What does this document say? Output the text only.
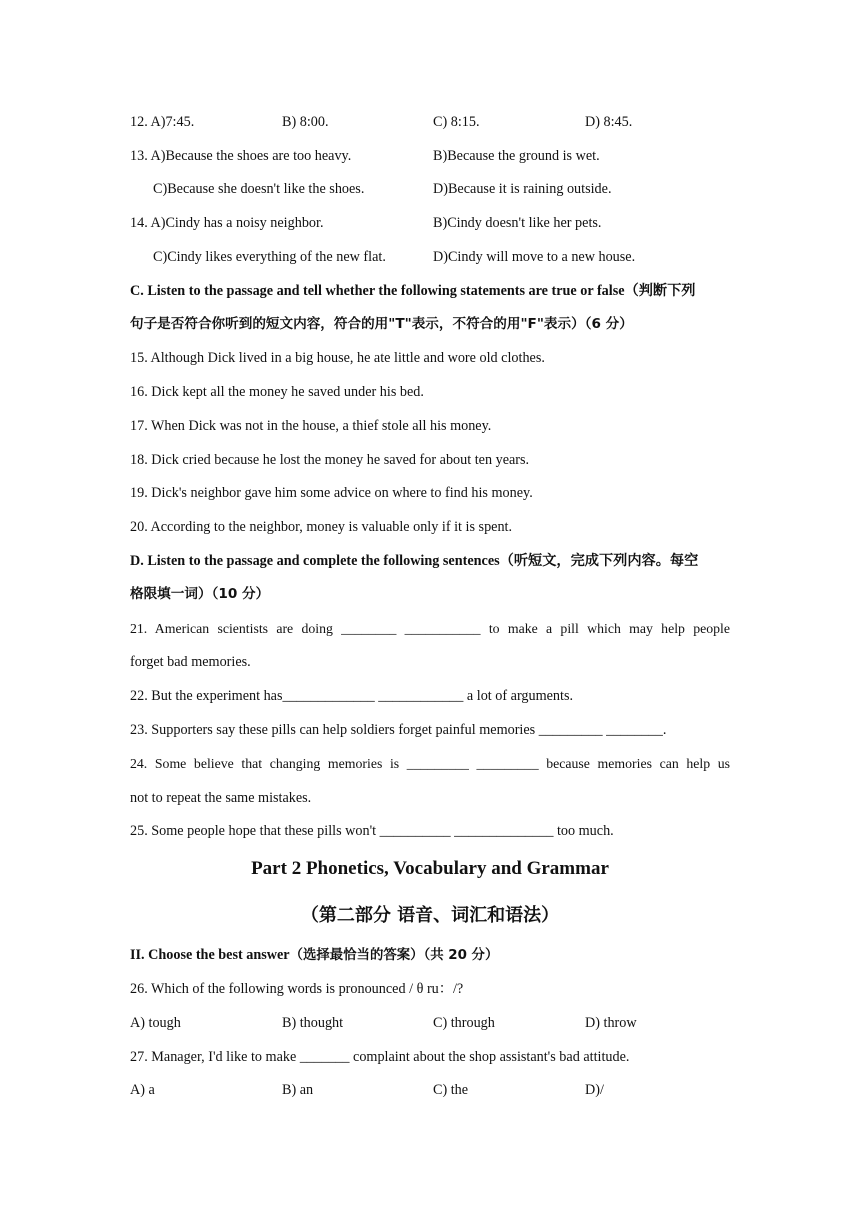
12. A)7:45.	B) 8:00.	C) 8:15.	D) 8:45.
13. A)Because the shoes are too heavy.	B)Because the ground is wet.
C)Because she doesn't like the shoes.	D)Because it is raining outside.
14. A)Cindy has a noisy neighbor.	B)Cindy doesn't like her pets.
C)Cindy likes everything of the new flat.	D)Cindy will move to a new house.
C. Listen to the passage and tell whether the following statements are true or false（判断下列
句子是否符合你听到的短文内容，符合的用"T"表示，不符合的用"F"表示）（6 分）
15. Although Dick lived in a big house, he ate little and wore old clothes.
16. Dick kept all the money he saved under his bed.
17. When Dick was not in the house, a thief stole all his money.
18. Dick cried because he lost the money he saved for about ten years.
19. Dick's neighbor gave him some advice on where to find his money.
20. According to the neighbor, money is valuable only if it is spent.
D. Listen to the passage and complete the following sentences（听短文，完成下列内容。每空
格限填一词）（10 分）
21. American scientists are doing ________ ___________ to make a pill which may help people
forget bad memories.
22. But the experiment has_____________ ____________ a lot of arguments.
23. Supporters say these pills can help soldiers forget painful memories _________ ________.
24. Some believe that changing memories is _________ _________ because memories can help us
not to repeat the same mistakes.
25. Some people hope that these pills won't __________ ______________ too much.
Part 2 Phonetics, Vocabulary and Grammar
（第二部分 语音、词汇和语法）
II. Choose the best answer（选择最恰当的答案）（共 20 分）
26. Which of the following words is pronounced / θ ru：/?
A) tough	B) thought	C) through	D) throw
27. Manager, I'd like to make _______ complaint about the shop assistant's bad attitude.
A) a	B) an	C) the	D)/
